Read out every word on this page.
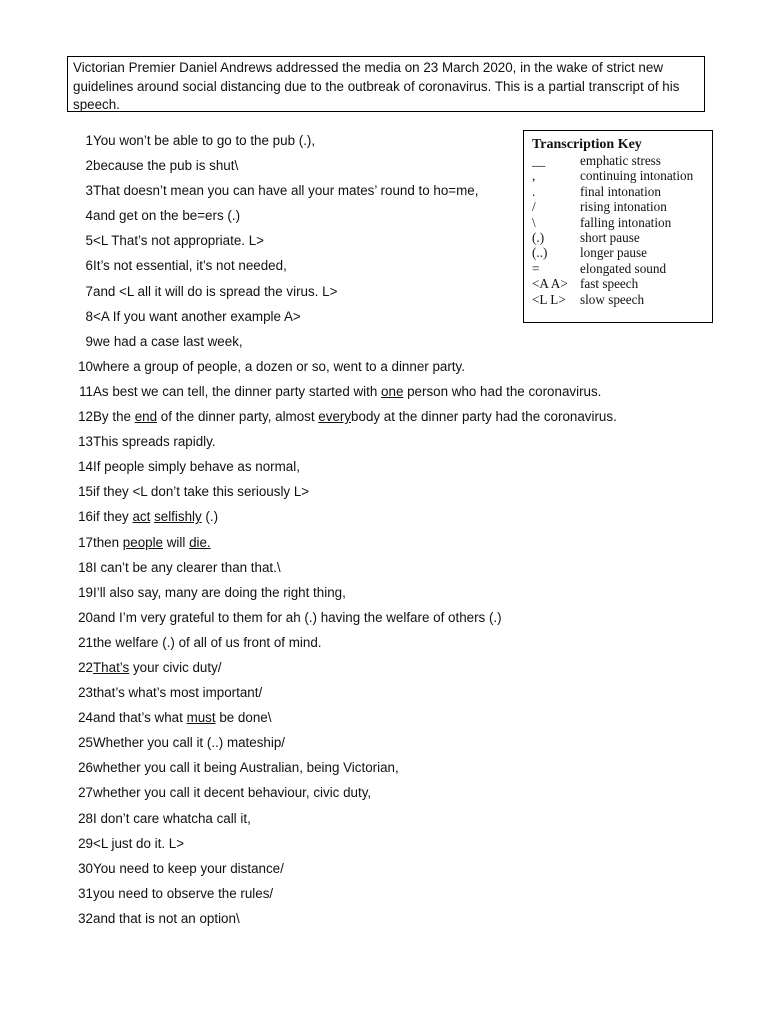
Victorian Premier Daniel Andrews addressed the media on 23 March 2020, in the wake of strict new guidelines around social distancing due to the outbreak of coronavirus. This is a partial transcript of his speech.
Transcription Key
__	emphatic stress
,	continuing intonation
.	final intonation
/	rising intonation
\	falling intonation
(.)	short pause
(..)	longer pause
=	elongated sound
<A A> fast speech
<L L>	slow speech
1 You won’t be able to go to the pub (.),
2 because the pub is shut\
3 That doesn’t mean you can have all your mates’ round to ho=me,
4 and get on the be=ers (.)
5 <L That’s not appropriate. L>
6 It’s not essential, it’s not needed,
7 and <L all it will do is spread the virus. L>
8 <A If you want another example A>
9 we had a case last week,
10 where a group of people, a dozen or so, went to a dinner party.
11 As best we can tell, the dinner party started with one person who had the coronavirus.
12 By the end of the dinner party, almost everybody at the dinner party had the coronavirus.
13 This spreads rapidly.
14 If people simply behave as normal,
15 if they <L don’t take this seriously L>
16 if they act selfishly (.)
17 then people will die.
18 I can’t be any clearer than that.\
19 I’ll also say, many are doing the right thing,
20 and I’m very grateful to them for ah (.) having the welfare of others (.)
21 the welfare (.) of all of us front of mind.
22 That’s your civic duty/
23 that’s what’s most important/
24 and that’s what must be done\
25 Whether you call it (..) mateship/
26 whether you call it being Australian, being Victorian,
27 whether you call it decent behaviour, civic duty,
28 I don’t care whatcha call it,
29 <L just do it. L>
30 You need to keep your distance/
31 you need to observe the rules/
32 and that is not an option\
